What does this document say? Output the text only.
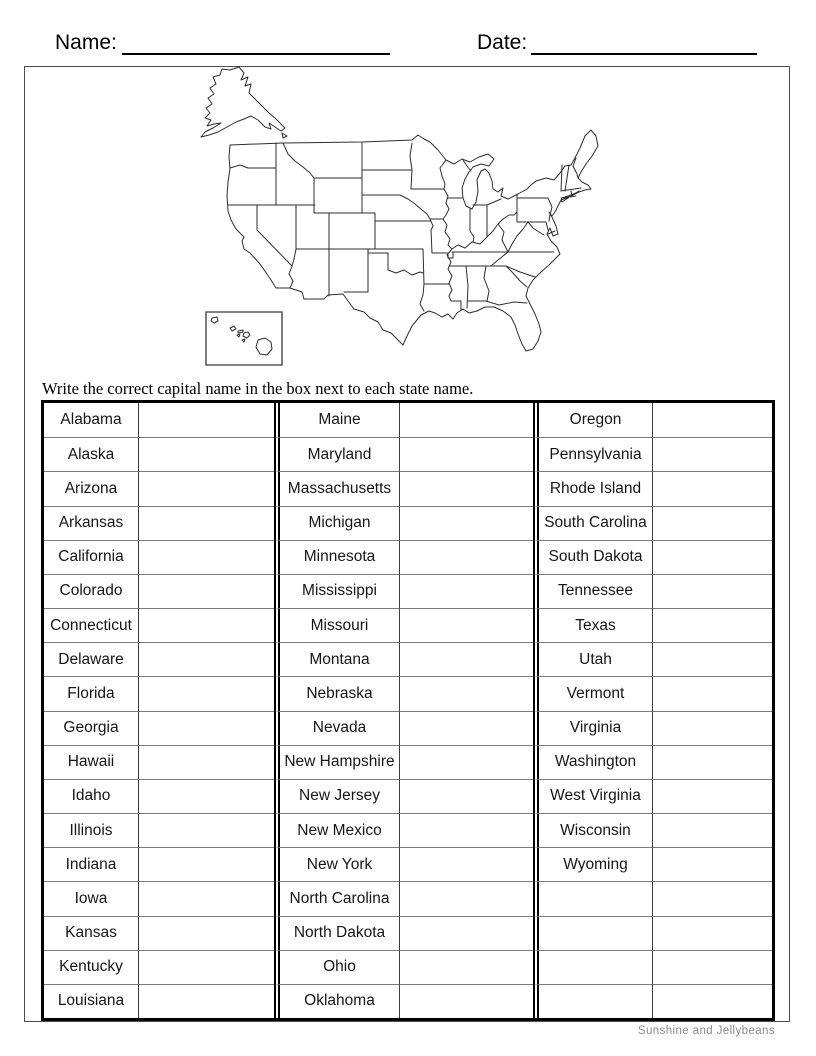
Name:	Date:
Write the correct capital name in the box next to each state name.
Alabama	Maine	Oregon
Alaska	Maryland	Pennsylvania
Arizona	Massachusetts	Rhode Island
Arkansas	Michigan	South Carolina
California	Minnesota	South Dakota
Colorado	Mississippi	Tennessee
Connecticut	Missouri	Texas
Delaware	Montana	Utah
Florida	Nebraska	Vermont
Georgia	Nevada	Virginia
Hawaii	New Hampshire	Washington
Idaho	New Jersey	West Virginia
Illinois	New Mexico	Wisconsin
Indiana	New York	Wyoming
Iowa	North Carolina
Kansas	North Dakota
Kentucky	Ohio
Louisiana	Oklahoma
Sunshine and Jellybeans
